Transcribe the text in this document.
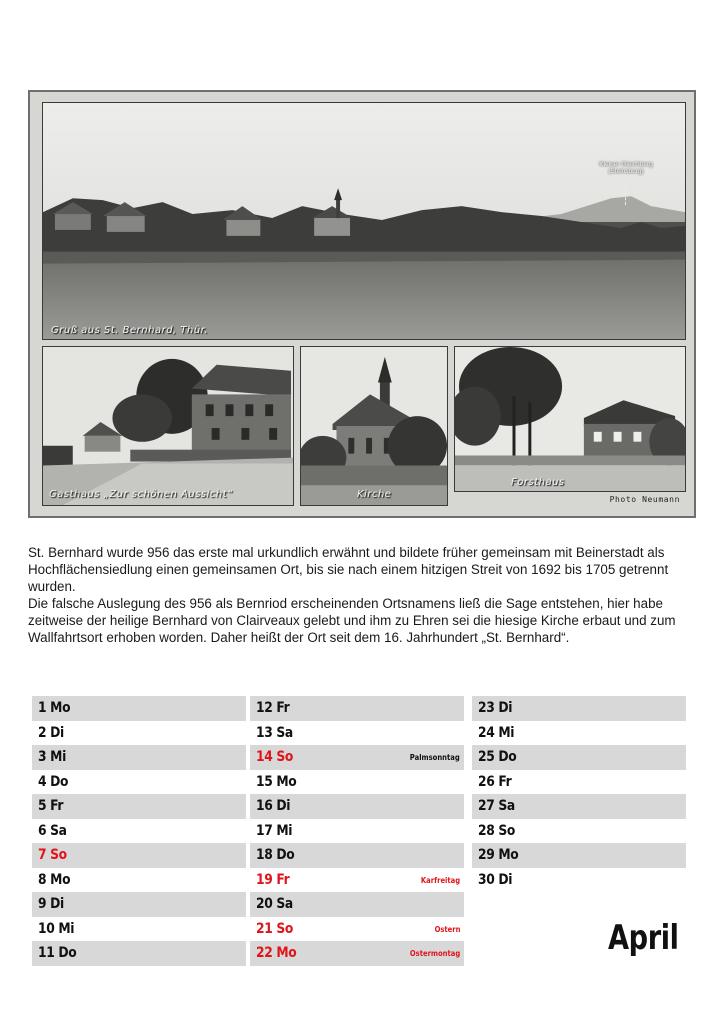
Kleiner Gleichberg
(Steinsburg)
Gruß aus St. Bernhard, Thür.
Gasthaus „Zur schönen Aussicht“	Kirche
Forsthaus
Photo Neumann

St. Bernhard wurde 956 das erste mal urkundlich erwähnt und bildete früher gemeinsam mit Beinerstadt als Hochflächensiedlung einen gemeinsamen Ort, bis sie nach einem hitzigen Streit von 1692 bis 1705 getrennt wurden.

Die falsche Auslegung des 956 als Bernriod erscheinenden Ortsnamens ließ die Sage entstehen, hier habe zeitweise der heilige Bernhard von Clairveaux gelebt und ihm zu Ehren sei die hiesige Kirche erbaut und zum Wallfahrtsort erhoben worden. Daher heißt der Ort seit dem 16. Jahrhundert „St. Bernhard“.

1 Mo
2 Di
3 Mi
4 Do
5 Fr
6 Sa
7 So
8 Mo
9 Di
10 Mi
11 Do
12 Fr
13 Sa
14 So	Palmsonntag
15 Mo
16 Di
17 Mi
18 Do
19 Fr	Karfreitag
20 Sa
21 So	Ostern
22 Mo	Ostermontag
23 Di
24 Mi
25 Do
26 Fr
27 Sa
28 So
29 Mo
30 Di
April
